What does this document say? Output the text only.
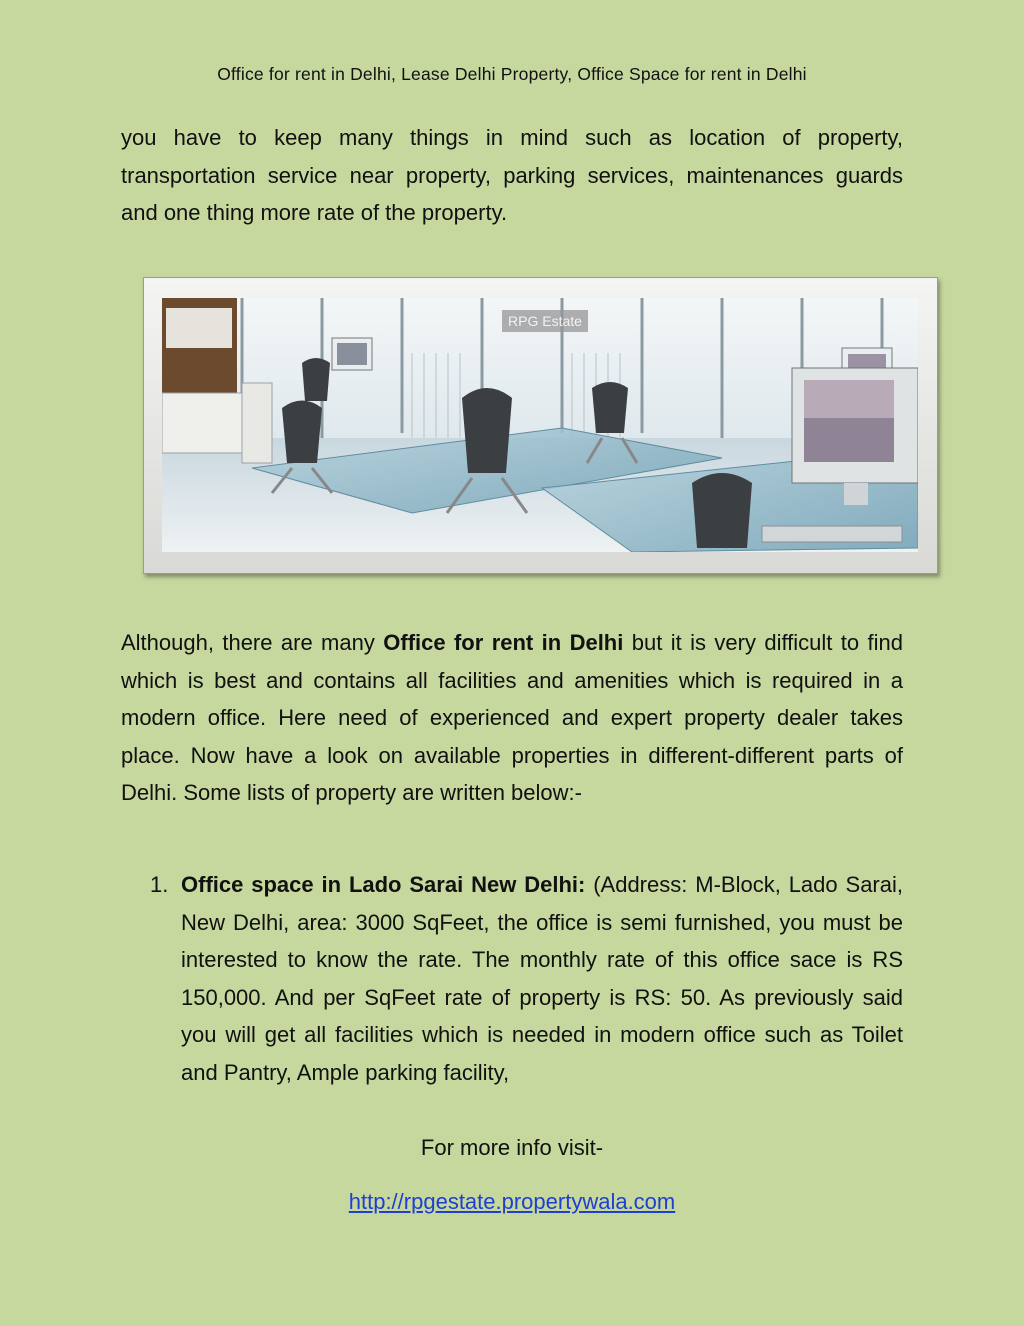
Office for rent in Delhi, Lease Delhi Property, Office Space for rent in Delhi

you have to keep many things in mind such as location of property, transportation service near property, parking services, maintenances guards and one thing more rate of the property.

RPG Estate

Although, there are many Office for rent in Delhi but it is very difficult to find which is best and contains all facilities and amenities which is required in a modern office. Here need of experienced and expert property dealer takes place. Now have a look on available properties in different-different parts of Delhi. Some lists of property are written below:-

1. Office space in Lado Sarai New Delhi: (Address: M-Block, Lado Sarai, New Delhi, area: 3000 SqFeet, the office is semi furnished, you must be interested to know the rate. The monthly rate of this office sace is RS 150,000. And per SqFeet rate of property is RS: 50. As previously said you will get all facilities which is needed in modern office such as Toilet and Pantry, Ample parking facility,
For more info visit-
http://rpgestate.propertywala.com
